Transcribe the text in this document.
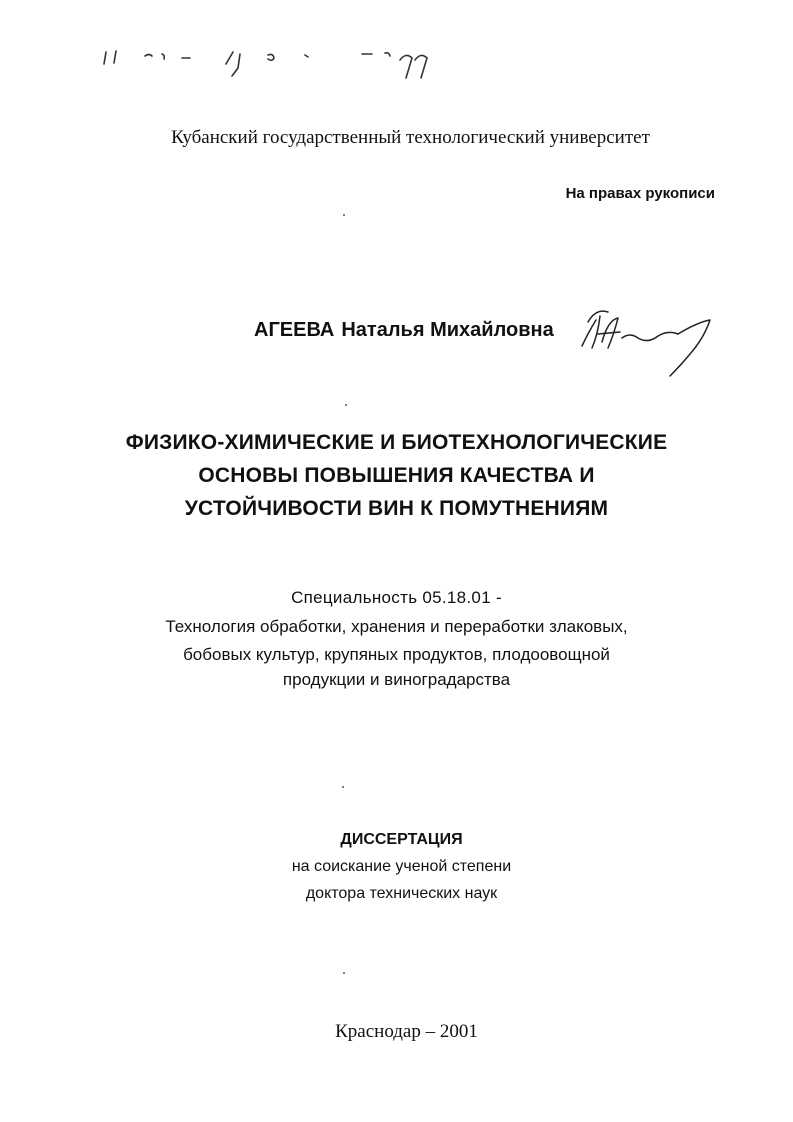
Кубанский государственный технологический университет
На правах рукописи
АГЕЕВА Наталья Михайловна
ФИЗИКО-ХИМИЧЕСКИЕ И БИОТЕХНОЛОГИЧЕСКИЕ
ОСНОВЫ ПОВЫШЕНИЯ КАЧЕСТВА И
УСТОЙЧИВОСТИ ВИН К ПОМУТНЕНИЯМ
Специальность 05.18.01 -
Технология обработки, хранения и переработки злаковых,
бобовых культур, крупяных продуктов, плодоовощной
продукции и виноградарства
ДИССЕРТАЦИЯ
на соискание ученой степени
доктора технических наук
Краснодар – 2001
